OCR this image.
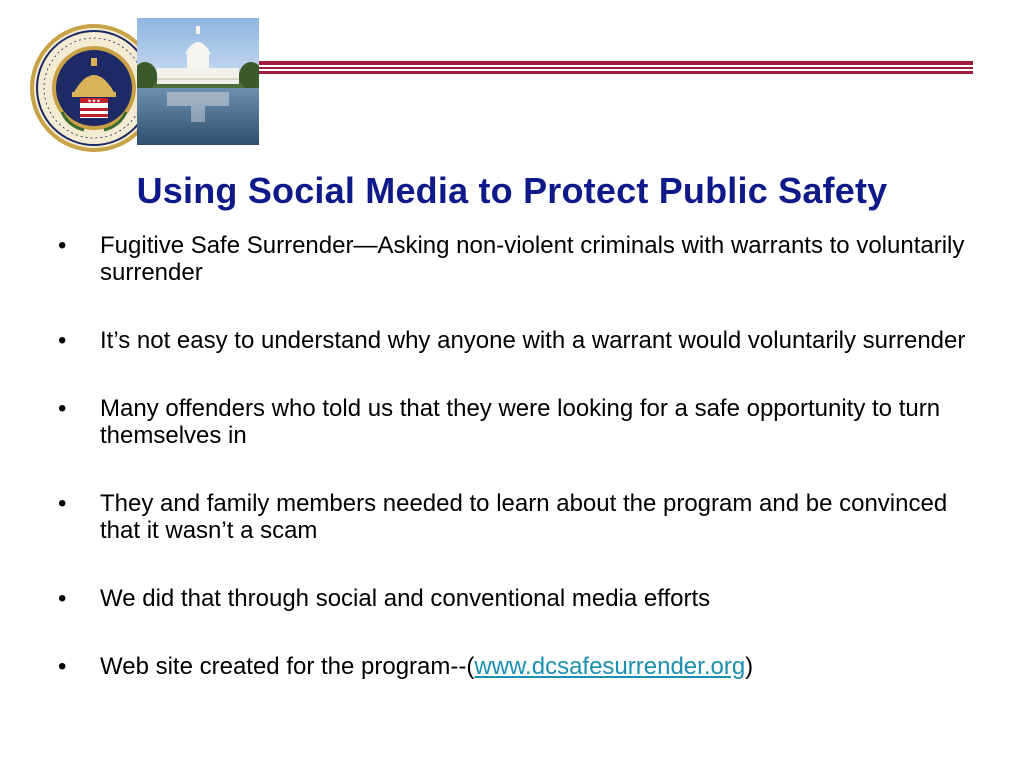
★★★
Using Social Media to Protect Public Safety
•	Fugitive Safe Surrender—Asking non-violent criminals with warrants to voluntarily surrender
•	It’s not easy to understand why anyone with a warrant would voluntarily surrender
•	Many offenders who told us that they were looking for a safe opportunity to turn themselves in
•	They and family members needed to learn about the program and be convinced that it wasn’t a scam
•	We did that through social and conventional media efforts
•	Web site created for the program--(www.dcsafesurrender.org)
